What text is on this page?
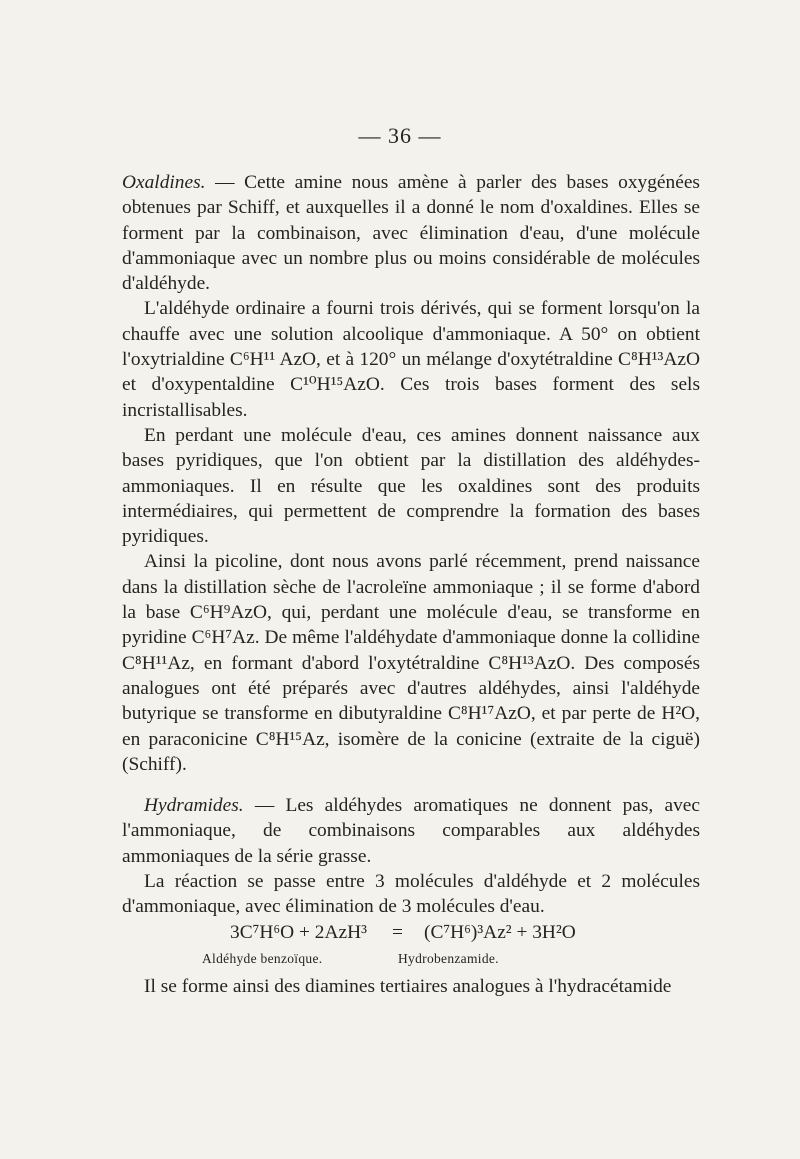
— 36 —

Oxaldines. — Cette amine nous amène à parler des bases oxygénées obtenues par Schiff, et auxquelles il a donné le nom d'oxaldines. Elles se forment par la combinaison, avec élimination d'eau, d'une molécule d'ammoniaque avec un nombre plus ou moins considérable de molécules d'aldéhyde.

L'aldéhyde ordinaire a fourni trois dérivés, qui se forment lorsqu'on la chauffe avec une solution alcoolique d'ammoniaque. A 50° on obtient l'oxytrialdine C⁶H¹¹ AzO, et à 120° un mélange d'oxytétraldine C⁸H¹³AzO et d'oxypentaldine C¹⁰H¹⁵AzO. Ces trois bases forment des sels incristallisables.

En perdant une molécule d'eau, ces amines donnent naissance aux bases pyridiques, que l'on obtient par la distillation des aldéhydes-ammoniaques. Il en résulte que les oxaldines sont des produits intermédiaires, qui permettent de comprendre la formation des bases pyridiques.

Ainsi la picoline, dont nous avons parlé récemment, prend naissance dans la distillation sèche de l'acroleïne ammoniaque ; il se forme d'abord la base C⁶H⁹AzO, qui, perdant une molécule d'eau, se transforme en pyridine C⁶H⁷Az. De même l'aldéhydate d'ammoniaque donne la collidine C⁸H¹¹Az, en formant d'abord l'oxytétraldine C⁸H¹³AzO. Des composés analogues ont été préparés avec d'autres aldéhydes, ainsi l'aldéhyde butyrique se transforme en dibutyraldine C⁸H¹⁷AzO, et par perte de H²O, en paraconicine C⁸H¹⁵Az, isomère de la conicine (extraite de la ciguë) (Schiff).

Hydramides. — Les aldéhydes aromatiques ne donnent pas, avec l'ammoniaque, de combinaisons comparables aux aldéhydes ammoniaques de la série grasse.

La réaction se passe entre 3 molécules d'aldéhyde et 2 molécules d'ammoniaque, avec élimination de 3 molécules d'eau.

3C⁷H⁶O + 2AzH³ = (C⁷H⁶)³Az² + 3H²O
Aldéhyde benzoïque.	Hydrobenzamide.

Il se forme ainsi des diamines tertiaires analogues à l'hydracétamide
